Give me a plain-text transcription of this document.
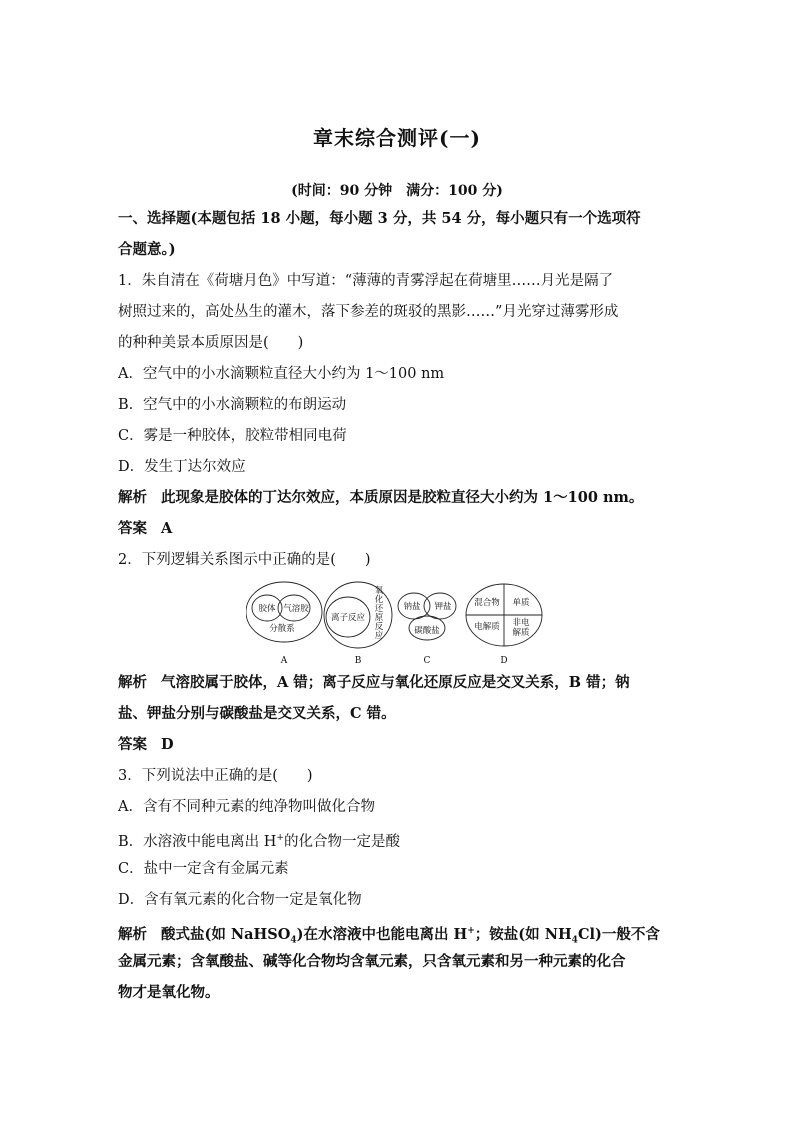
章末综合测评(一)
(时间：90 分钟　满分：100 分)
一、选择题(本题包括 18 小题，每小题 3 分，共 54 分，每小题只有一个选项符
合题意。)
1．朱自清在《荷塘月色》中写道：“薄薄的青雾浮起在荷塘里……月光是隔了
树照过来的，高处丛生的灌木，落下参差的斑驳的黑影……”月光穿过薄雾形成
的种种美景本质原因是(　　)
A．空气中的小水滴颗粒直径大小约为 1～100 nm
B．空气中的小水滴颗粒的布朗运动
C．雾是一种胶体，胶粒带相同电荷
D．发生丁达尔效应
解析 此现象是胶体的丁达尔效应，本质原因是胶粒直径大小约为 1～100 nm。
答案 A
2．下列逻辑关系图示中正确的是(　　)
胶体 气溶胶
分散系
A
离子反应
氧
化
还
原
反
应
B
钠盐 钾盐
碳酸盐
C
混合物 单质
电解质 非电
解质
D
解析 气溶胶属于胶体，A 错；离子反应与氧化还原反应是交叉关系，B 错；钠
盐、钾盐分别与碳酸盐是交叉关系，C 错。
答案 D
3．下列说法中正确的是(　　)
A．含有不同种元素的纯净物叫做化合物
B．水溶液中能电离出 H+的化合物一定是酸
C．盐中一定含有金属元素
D．含有氧元素的化合物一定是氧化物
解析 酸式盐(如 NaHSO$_4$)在水溶液中也能电离出 H+；铵盐(如 $NH_4Cl$)一般不含
金属元素；含氧酸盐、碱等化合物均含氧元素，只含氧元素和另一种元素的化合
物才是氧化物。
